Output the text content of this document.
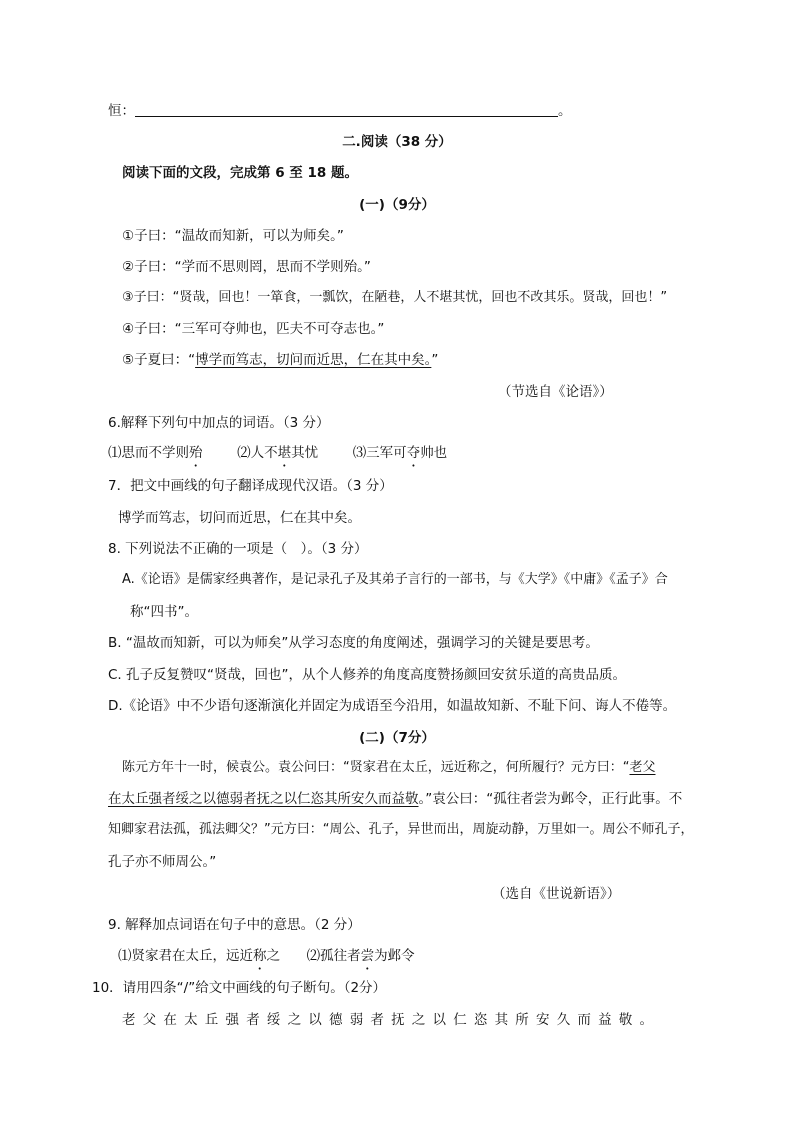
恒：	。
二.阅读（38 分）
阅读下面的文段，完成第 6 至 18 题。
(一)（9分）
①子曰：“温故而知新，可以为师矣。”
②子曰：“学而不思则罔，思而不学则殆。”
③子曰：“贤哉，回也！一箪食，一瓢饮，在陋巷，人不堪其忧，回也不改其乐。贤哉，回也！”
④子曰：“三军可夺帅也，匹夫不可夺志也。”
⑤子夏曰：“博学而笃志，切问而近思，仁在其中矣。”
（节选自《论语》）
6.解释下列句中加点的词语。（3 分）
⑴思而不学则殆	⑵人不堪其忧	⑶三军可夺帅也
7．把文中画线的句子翻译成现代汉语。（3 分）
博学而笃志，切问而近思，仁在其中矣。
8. 下列说法不正确的一项是（　）。（3 分）
A.《论语》是儒家经典著作，是记录孔子及其弟子言行的一部书，与《大学》《中庸》《孟子》合
称“四书”。
B. “温故而知新，可以为师矣”从学习态度的角度阐述，强调学习的关键是要思考。
C. 孔子反复赞叹“贤哉，回也”，从个人修养的角度高度赞扬颜回安贫乐道的高贵品质。
D.《论语》中不少语句逐渐演化并固定为成语至今沿用，如温故知新、不耻下问、诲人不倦等。
(二)（7分）
陈元方年十一时，候袁公。袁公问曰：“贤家君在太丘，远近称之，何所履行？元方曰：“老父
在太丘强者绥之以德弱者抚之以仁恣其所安久而益敬。”袁公曰：“孤往者尝为邺令，正行此事。不
知卿家君法孤，孤法卿父？”元方曰：“周公、孔子，异世而出，周旋动静，万里如一。周公不师孔子，
孔子亦不师周公。”
（选自《世说新语》）
9. 解释加点词语在句子中的意思。（2 分）
⑴贤家君在太丘，远近称之 ⑵孤往者尝为邺令
10．请用四条“/”给文中画线的句子断句。（2分）
老父在太丘强者绥之以德弱者抚之以仁恣其所安久而益敬。
